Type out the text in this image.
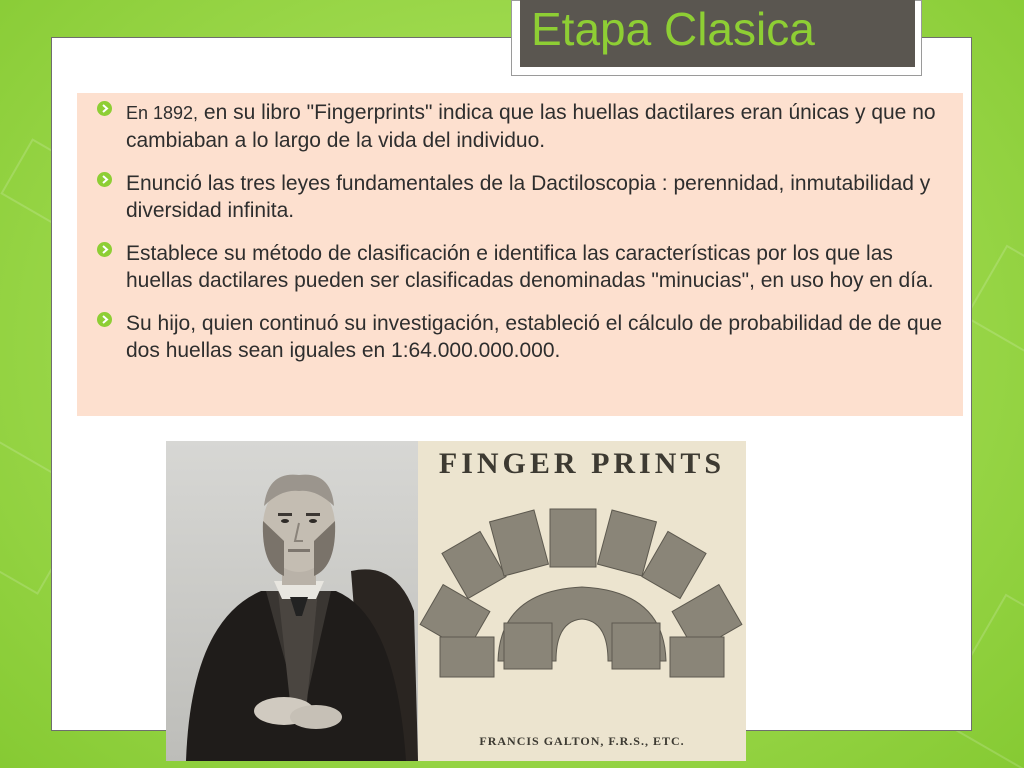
Etapa Clasica
En 1892, en su libro "Fingerprints" indica que las huellas dactilares eran únicas y que no cambiaban a lo largo de la vida del individuo.
Enunció las tres leyes fundamentales de la Dactiloscopia : perennidad, inmutabilidad y diversidad infinita.
Establece su método de clasificación e identifica las características por los que las huellas dactilares pueden ser clasificadas denominadas "minucias", en uso hoy en día.
Su hijo, quien continuó su investigación, estableció el cálculo de probabilidad de de que dos huellas sean iguales en 1:64.000.000.000.
FINGER PRINTS
FRANCIS GALTON, F.R.S., ETC.
